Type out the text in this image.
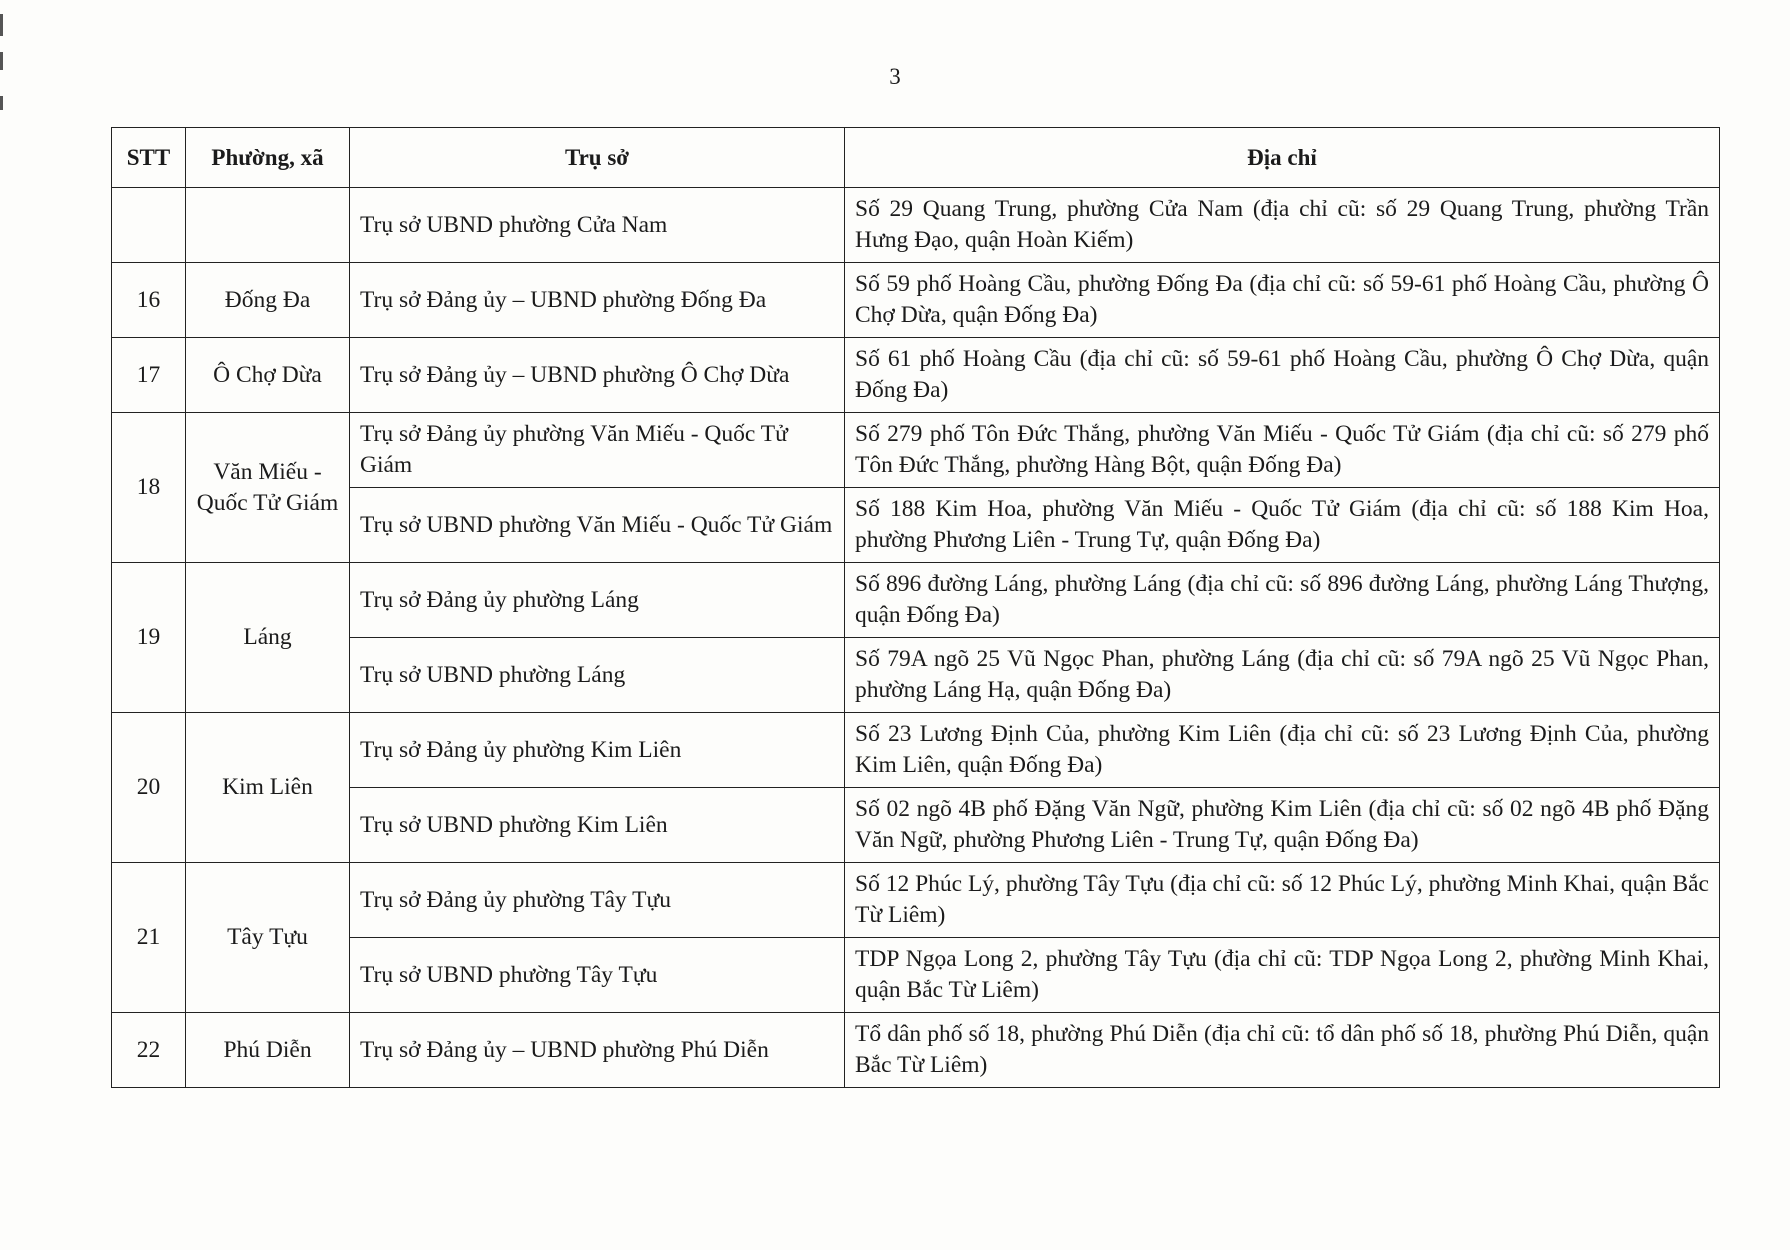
3
STT	Phường, xã	Trụ sở	Địa chỉ
		Trụ sở UBND phường Cửa Nam	Số 29 Quang Trung, phường Cửa Nam (địa chỉ cũ: số 29 Quang Trung, phường Trần Hưng Đạo, quận Hoàn Kiếm)
16	Đống Đa	Trụ sở Đảng ủy – UBND phường Đống Đa	Số 59 phố Hoàng Cầu, phường Đống Đa (địa chỉ cũ: số 59-61 phố Hoàng Cầu, phường Ô Chợ Dừa, quận Đống Đa)
17	Ô Chợ Dừa	Trụ sở Đảng ủy – UBND phường Ô Chợ Dừa	Số 61 phố Hoàng Cầu (địa chỉ cũ: số 59-61 phố Hoàng Cầu, phường Ô Chợ Dừa, quận Đống Đa)
18	Văn Miếu - Quốc Tử Giám	Trụ sở Đảng ủy phường Văn Miếu - Quốc Tử Giám	Số 279 phố Tôn Đức Thắng, phường Văn Miếu - Quốc Tử Giám (địa chỉ cũ: số 279 phố Tôn Đức Thắng, phường Hàng Bột, quận Đống Đa)
		Trụ sở UBND phường Văn Miếu - Quốc Tử Giám	Số 188 Kim Hoa, phường Văn Miếu - Quốc Tử Giám (địa chỉ cũ: số 188 Kim Hoa, phường Phương Liên - Trung Tự, quận Đống Đa)
19	Láng	Trụ sở Đảng ủy phường Láng	Số 896 đường Láng, phường Láng (địa chỉ cũ: số 896 đường Láng, phường Láng Thượng, quận Đống Đa)
		Trụ sở UBND phường Láng	Số 79A ngõ 25 Vũ Ngọc Phan, phường Láng (địa chỉ cũ: số 79A ngõ 25 Vũ Ngọc Phan, phường Láng Hạ, quận Đống Đa)
20	Kim Liên	Trụ sở Đảng ủy phường Kim Liên	Số 23 Lương Định Của, phường Kim Liên (địa chỉ cũ: số 23 Lương Định Của, phường Kim Liên, quận Đống Đa)
		Trụ sở UBND phường Kim Liên	Số 02 ngõ 4B phố Đặng Văn Ngữ, phường Kim Liên (địa chỉ cũ: số 02 ngõ 4B phố Đặng Văn Ngữ, phường Phương Liên - Trung Tự, quận Đống Đa)
21	Tây Tựu	Trụ sở Đảng ủy phường Tây Tựu	Số 12 Phúc Lý, phường Tây Tựu (địa chỉ cũ: số 12 Phúc Lý, phường Minh Khai, quận Bắc Từ Liêm)
		Trụ sở UBND phường Tây Tựu	TDP Ngọa Long 2, phường Tây Tựu (địa chỉ cũ: TDP Ngọa Long 2, phường Minh Khai, quận Bắc Từ Liêm)
22	Phú Diễn	Trụ sở Đảng ủy – UBND phường Phú Diễn	Tổ dân phố số 18, phường Phú Diễn (địa chỉ cũ: tổ dân phố số 18, phường Phú Diễn, quận Bắc Từ Liêm)
